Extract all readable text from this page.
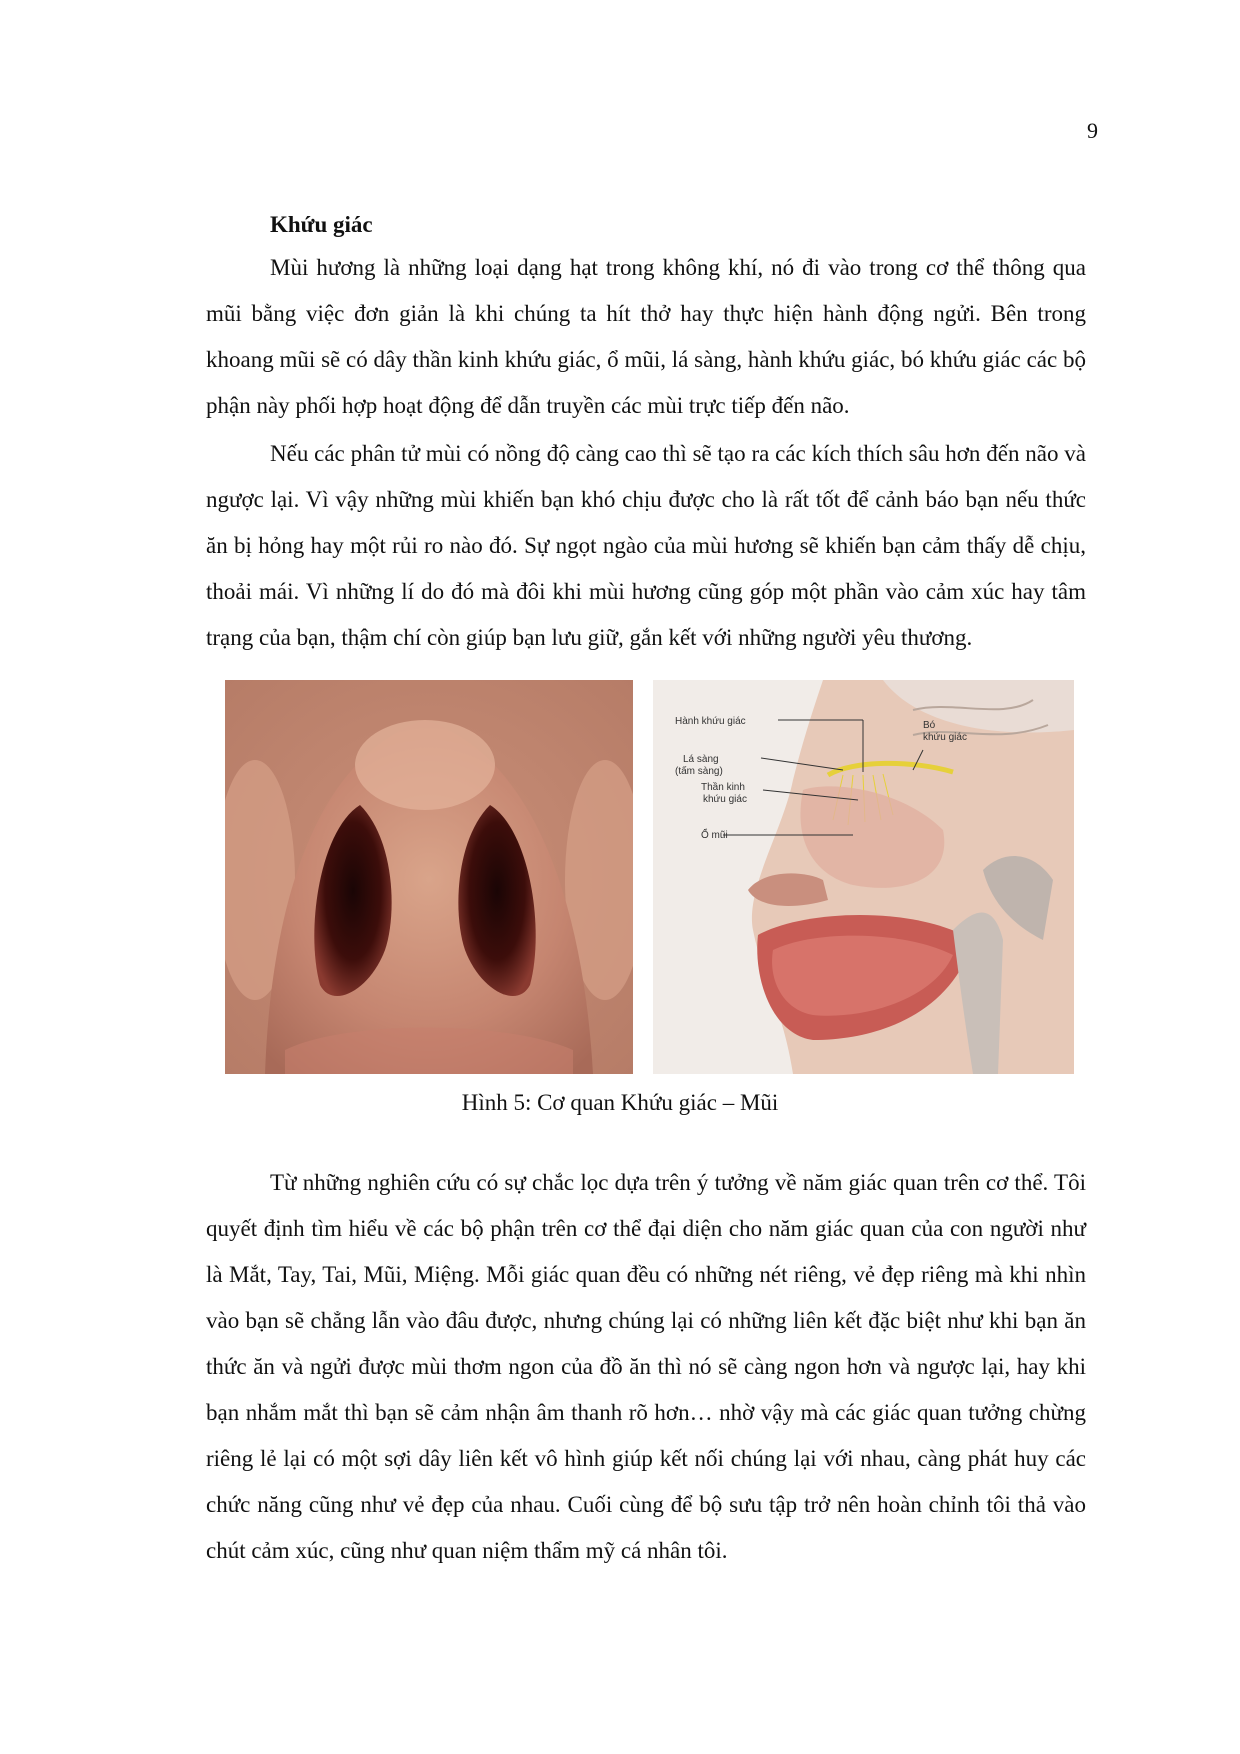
9

Khứu giác

Mùi hương là những loại dạng hạt trong không khí, nó đi vào trong cơ thể thông qua mũi bằng việc đơn giản là khi chúng ta hít thở hay thực hiện hành động ngửi. Bên trong khoang mũi sẽ có dây thần kinh khứu giác, ổ mũi, lá sàng, hành khứu giác, bó khứu giác các bộ phận này phối hợp hoạt động để dẫn truyền các mùi trực tiếp đến não.

Nếu các phân tử mùi có nồng độ càng cao thì sẽ tạo ra các kích thích sâu hơn đến não và ngược lại. Vì vậy những mùi khiến bạn khó chịu được cho là rất tốt để cảnh báo bạn nếu thức ăn bị hỏng hay một rủi ro nào đó. Sự ngọt ngào của mùi hương sẽ khiến bạn cảm thấy dễ chịu, thoải mái. Vì những lí do đó mà đôi khi mùi hương cũng góp một phần vào cảm xúc hay tâm trạng của bạn, thậm chí còn giúp bạn lưu giữ, gắn kết với những người yêu thương.

Hành khứu giác	Bó
khứu giác
Lá sàng
(tấm sàng)
Thần kinh
khứu giác
Ổ mũi
Hình 5: Cơ quan Khứu giác – Mũi

Từ những nghiên cứu có sự chắc lọc dựa trên ý tưởng về năm giác quan trên cơ thể. Tôi quyết định tìm hiểu về các bộ phận trên cơ thể đại diện cho năm giác quan của con người như là Mắt, Tay, Tai, Mũi, Miệng. Mỗi giác quan đều có những nét riêng, vẻ đẹp riêng mà khi nhìn vào bạn sẽ chẳng lẫn vào đâu được, nhưng chúng lại có những liên kết đặc biệt như khi bạn ăn thức ăn và ngửi được mùi thơm ngon của đồ ăn thì nó sẽ càng ngon hơn và ngược lại, hay khi bạn nhắm mắt thì bạn sẽ cảm nhận âm thanh rõ hơn… nhờ vậy mà các giác quan tưởng chừng riêng lẻ lại có một sợi dây liên kết vô hình giúp kết nối chúng lại với nhau, càng phát huy các chức năng cũng như vẻ đẹp của nhau. Cuối cùng để bộ sưu tập trở nên hoàn chỉnh tôi thả vào chút cảm xúc, cũng như quan niệm thẩm mỹ cá nhân tôi.
